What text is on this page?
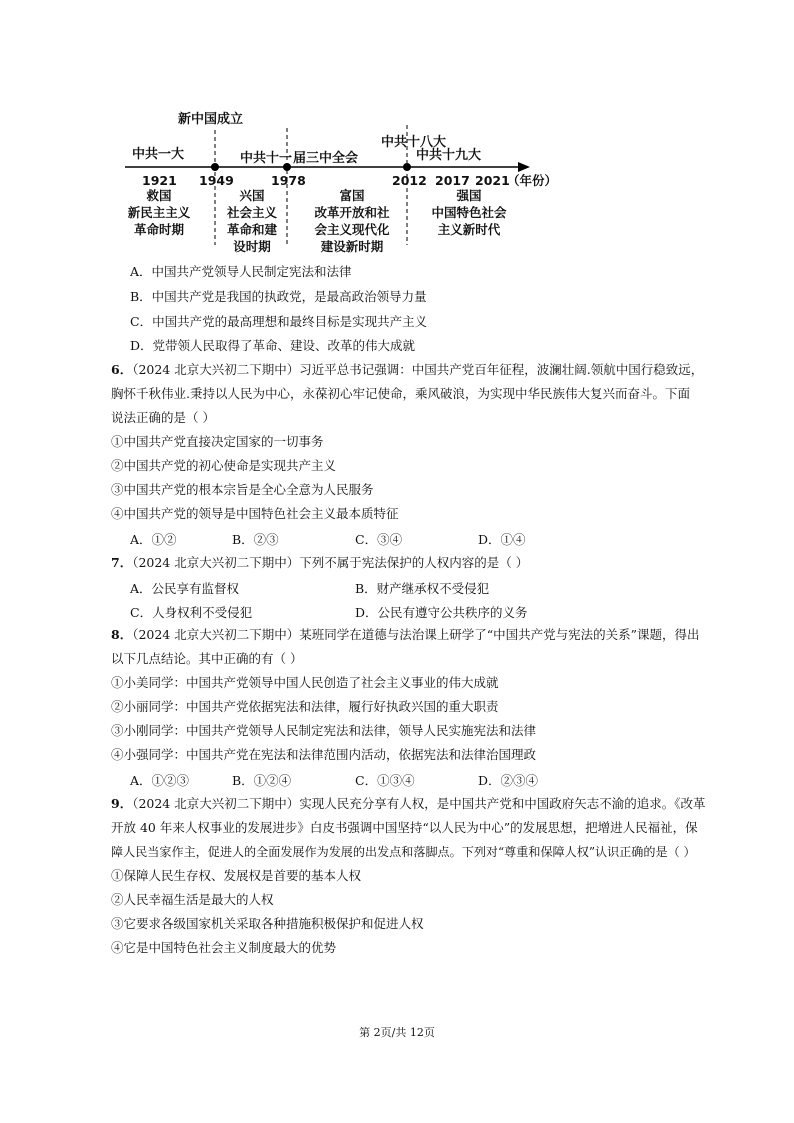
新中国成立
中共一大	中共十一 届三中全会
中共十八大
中共十九大
1921 1949	1978	2012 2017 2021
（年份）
救国
新民主主义
革命时期
兴国
社会主义
革命和建
设时期
富国
改革开放和社
会主义现代化
建设新时期
强国
中国特色社会
主义新时代
A．中国共产党领导人民制定宪法和法律
B．中国共产党是我国的执政党，是最高政治领导力量
C．中国共产党的最高理想和最终目标是实现共产主义
D．党带领人民取得了革命、建设、改革的伟大成就
6．（2024 北京大兴初二下期中）习近平总书记强调：中国共产党百年征程，波澜壮阔.领航中国行稳致远，
胸怀千秋伟业.秉持以人民为中心，永葆初心牢记使命，乘风破浪，为实现中华民族伟大复兴而奋斗。下面
说法正确的是（ ）
①中国共产党直接决定国家的一切事务
②中国共产党的初心使命是实现共产主义
③中国共产党的根本宗旨是全心全意为人民服务
④中国共产党的领导是中国特色社会主义最本质特征
A．①②	B．②③	C．③④	D．①④
7．（2024 北京大兴初二下期中）下列不属于宪法保护的人权内容的是（ ）
A．公民享有监督权	B．财产继承权不受侵犯
C．人身权利不受侵犯	D．公民有遵守公共秩序的义务
8．（2024 北京大兴初二下期中）某班同学在道德与法治课上研学了“中国共产党与宪法的关系”课题，得出
以下几点结论。其中正确的有（ ）
①小美同学：中国共产党领导中国人民创造了社会主义事业的伟大成就
②小丽同学：中国共产党依据宪法和法律，履行好执政兴国的重大职责
③小刚同学：中国共产党领导人民制定宪法和法律，领导人民实施宪法和法律
④小强同学：中国共产党在宪法和法律范围内活动，依据宪法和法律治国理政
A．①②③	B．①②④	C．①③④	D．②③④
9．（2024 北京大兴初二下期中）实现人民充分享有人权，是中国共产党和中国政府矢志不渝的追求。《改革
开放 40 年来人权事业的发展进步》白皮书强调中国坚持“以人民为中心”的发展思想，把增进人民福祉，保
障人民当家作主，促进人的全面发展作为发展的出发点和落脚点。下列对“尊重和保障人权”认识正确的是（ ）
①保障人民生存权、发展权是首要的基本人权
②人民幸福生活是最大的人权
③它要求各级国家机关采取各种措施积极保护和促进人权
④它是中国特色社会主义制度最大的优势
第 2页/共 12页
